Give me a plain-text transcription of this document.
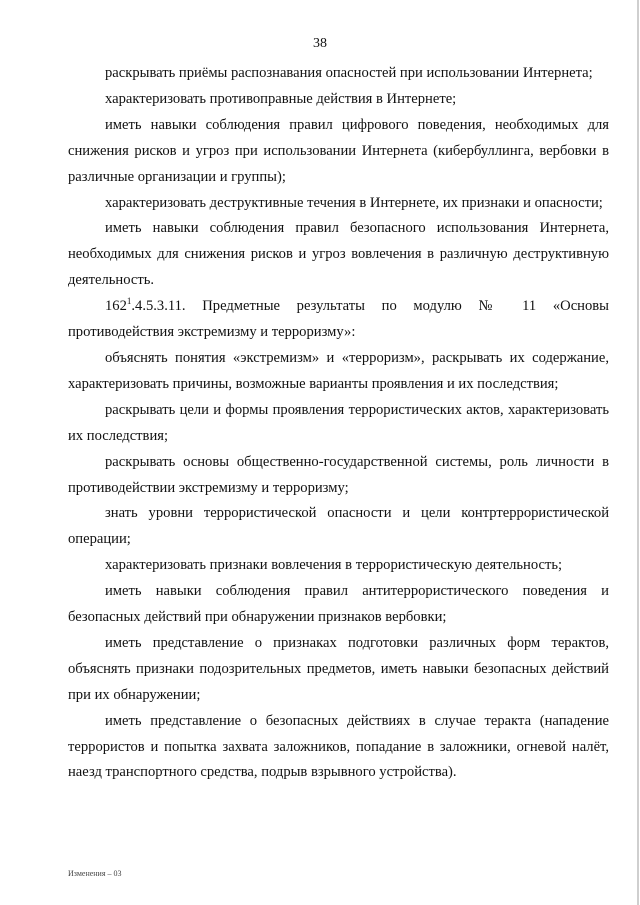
38

раскрывать приёмы распознавания опасностей при использовании Интернета;

характеризовать противоправные действия в Интернете;

иметь навыки соблюдения правил цифрового поведения, необходимых для снижения рисков и угроз при использовании Интернета (кибербуллинга, вербовки в различные организации и группы);

характеризовать деструктивные течения в Интернете, их признаки и опасности;

иметь навыки соблюдения правил безопасного использования Интернета, необходимых для снижения рисков и угроз вовлечения в различную деструктивную деятельность.

$162^1.4.5.3.11$. Предметные результаты по модулю № 11 «Основы противодействия экстремизму и терроризму»:

объяснять понятия «экстремизм» и «терроризм», раскрывать их содержание, характеризовать причины, возможные варианты проявления и их последствия;

раскрывать цели и формы проявления террористических актов, характеризовать их последствия;

раскрывать основы общественно-государственной системы, роль личности в противодействии экстремизму и терроризму;

знать уровни террористической опасности и цели контртеррористической операции;

характеризовать признаки вовлечения в террористическую деятельность;

иметь навыки соблюдения правил антитеррористического поведения и безопасных действий при обнаружении признаков вербовки;

иметь представление о признаках подготовки различных форм терактов, объяснять признаки подозрительных предметов, иметь навыки безопасных действий при их обнаружении;

иметь представление о безопасных действиях в случае теракта (нападение террористов и попытка захвата заложников, попадание в заложники, огневой налёт, наезд транспортного средства, подрыв взрывного устройства).

Изменения – 03
